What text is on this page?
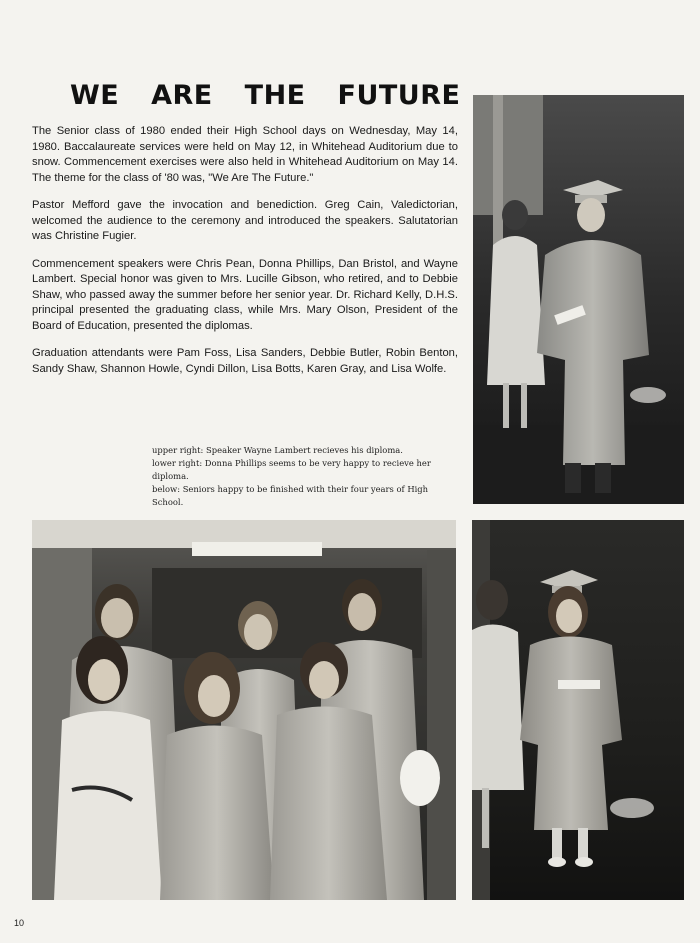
WE ARE THE FUTURE

The Senior class of 1980 ended their High School days on Wednesday, May 14, 1980. Baccalaureate services were held on May 12, in Whitehead Auditorium due to snow. Commencement exercises were also held in Whitehead Auditorium on May 14. The theme for the class of '80 was, "We Are The Future."

Pastor Mefford gave the invocation and benediction. Greg Cain, Valedictorian, welcomed the audience to the ceremony and introduced the speakers. Salutatorian was Christine Fugier.

Commencement speakers were Chris Pean, Donna Phillips, Dan Bristol, and Wayne Lambert. Special honor was given to Mrs. Lucille Gibson, who retired, and to Debbie Shaw, who passed away the summer before her senior year. Dr. Richard Kelly, D.H.S. principal presented the graduating class, while Mrs. Mary Olson, President of the Board of Education, presented the diplomas.

Graduation attendants were Pam Foss, Lisa Sanders, Debbie Butler, Robin Benton, Sandy Shaw, Shannon Howle, Cyndi Dillon, Lisa Botts, Karen Gray, and Lisa Wolfe.

upper right: Speaker Wayne Lambert recieves his diploma.

lower right: Donna Phillips seems to be very happy to recieve her diploma.

below: Seniors happy to be finished with their four years of High School.

10
